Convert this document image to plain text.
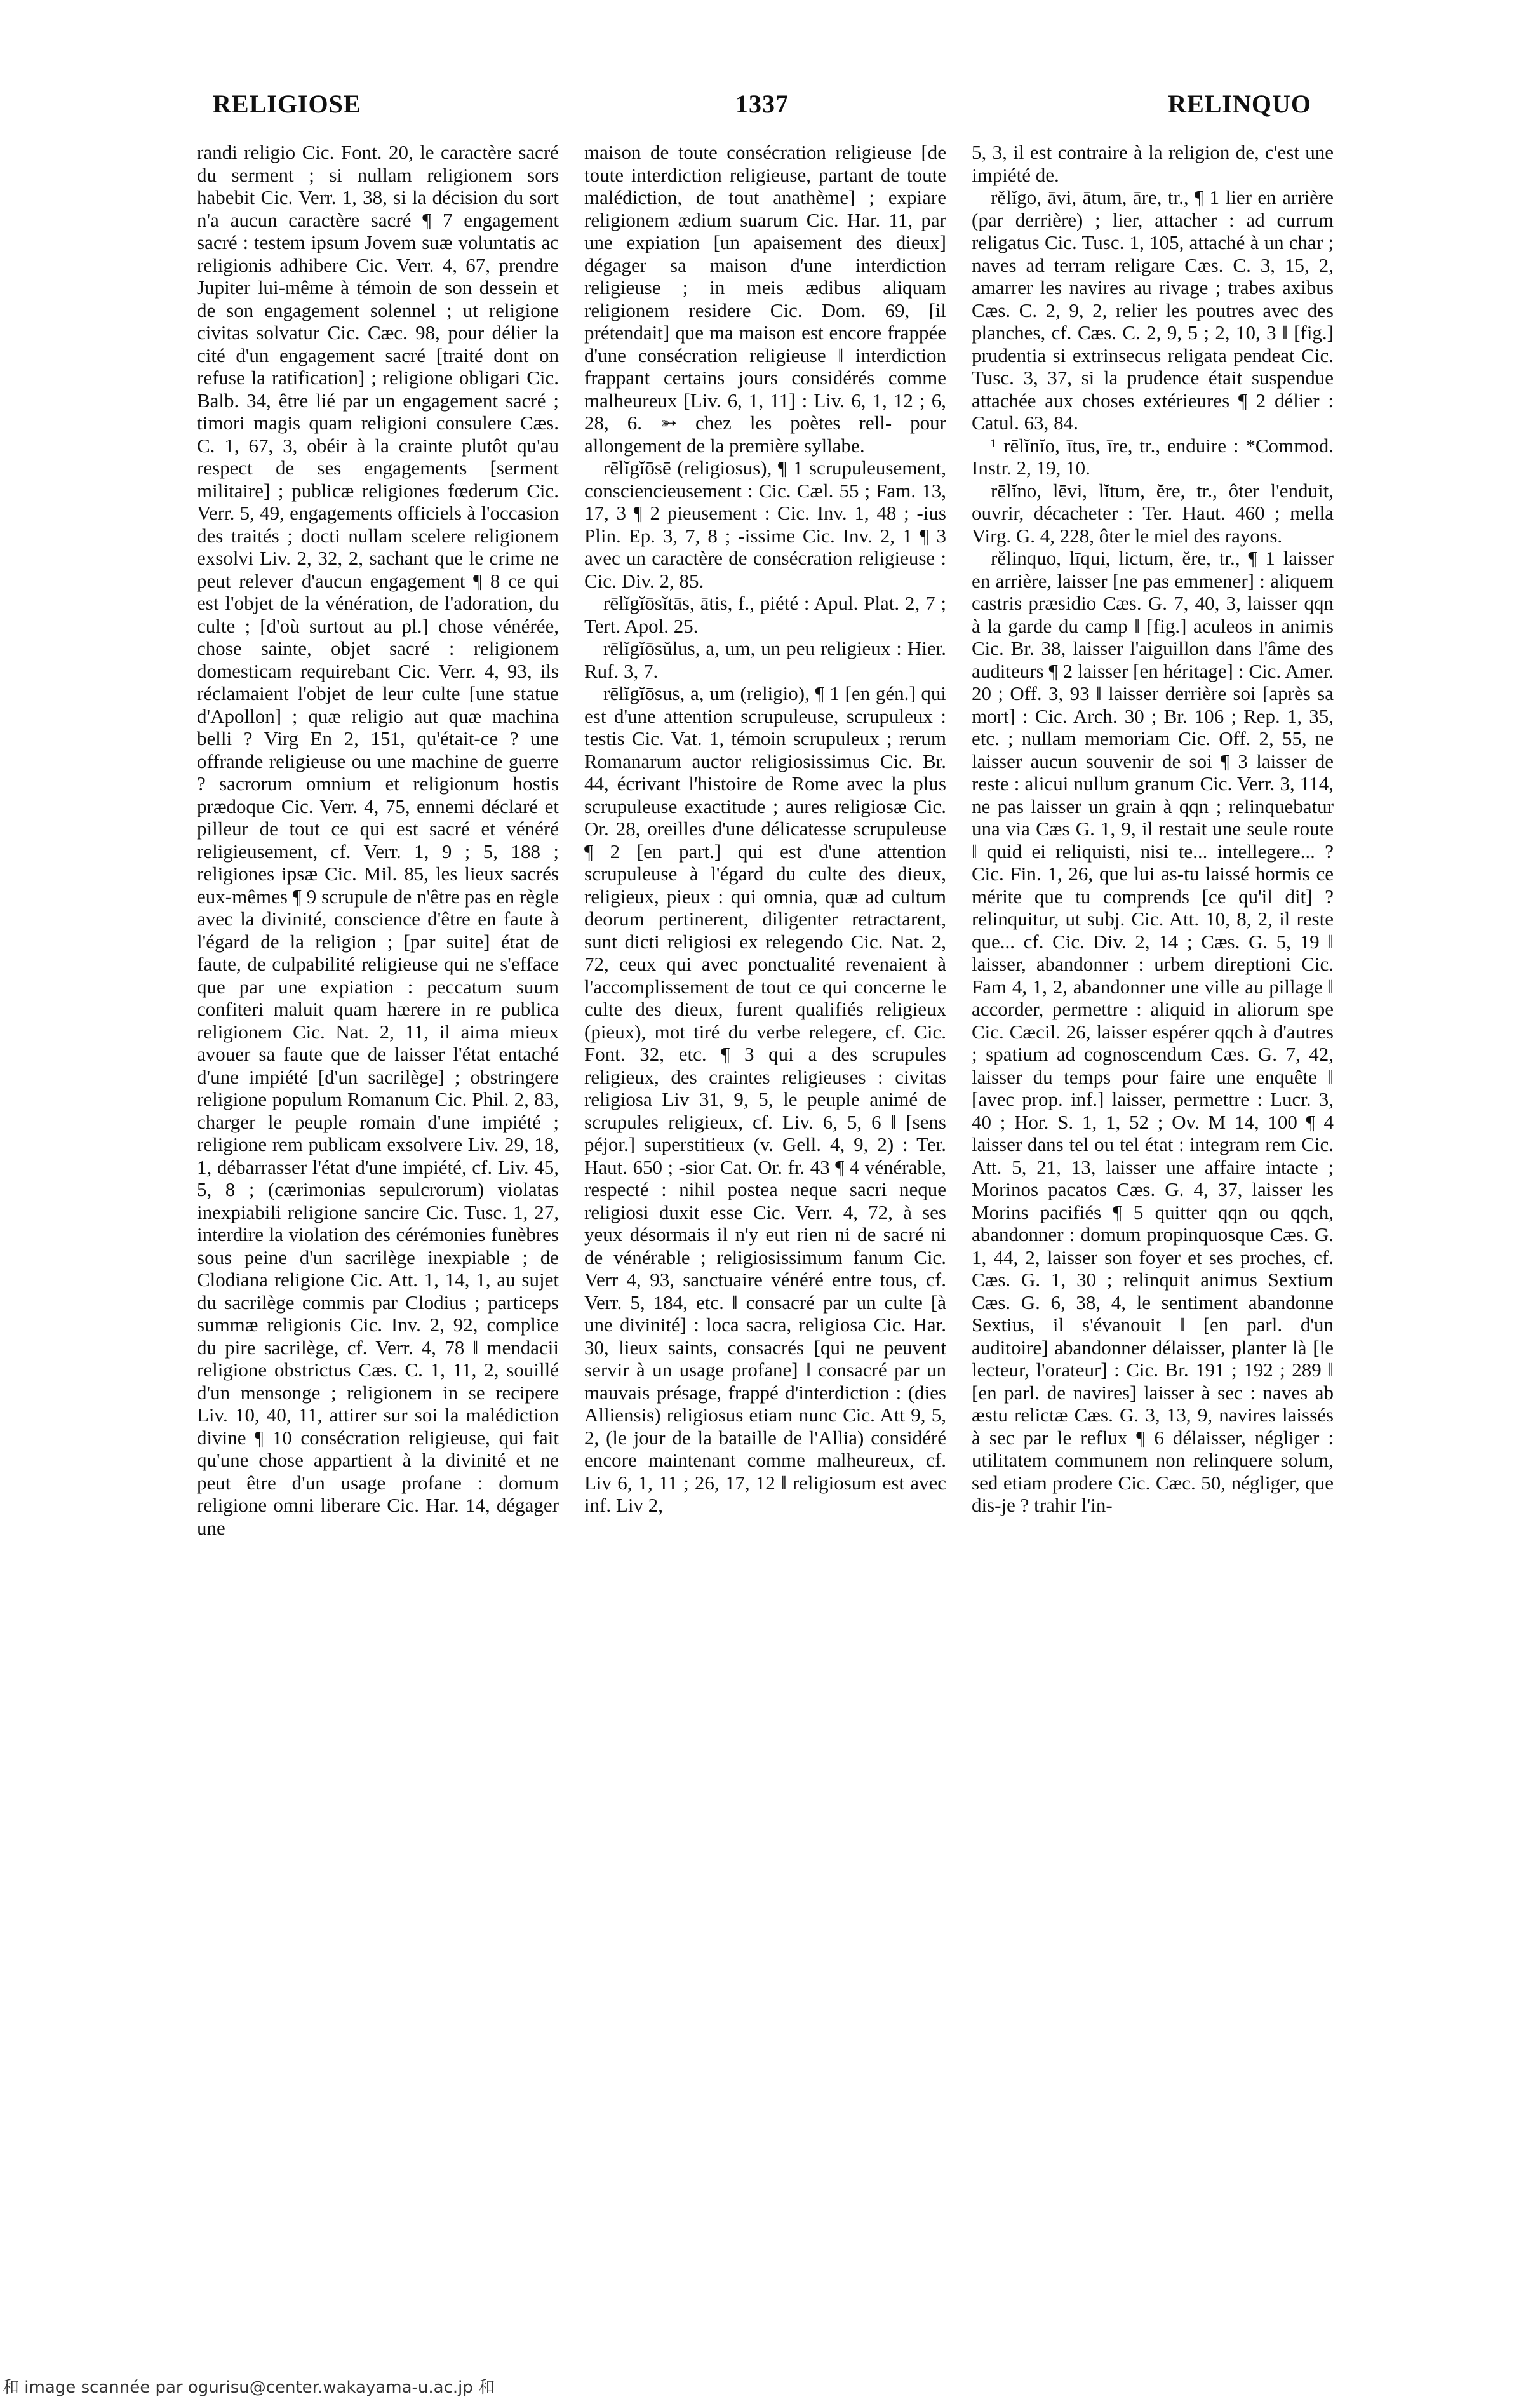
RELIGIOSE	1337	RELINQUO

randi religio Cic. Font. 20, le caractère sacré du serment ; si nullam religionem sors habebit Cic. Verr. 1, 38, si la décision du sort n'a aucun caractère sacré ¶ 7 engagement sacré : testem ipsum Jovem suæ voluntatis ac religionis adhibere Cic. Verr. 4, 67, prendre Jupiter lui-même à témoin de son dessein et de son engagement solennel ; ut religione civitas solvatur Cic. Cæc. 98, pour délier la cité d'un engagement sacré [traité dont on refuse la ratification] ; religione obligari Cic. Balb. 34, être lié par un engagement sacré ; timori magis quam religioni consulere Cæs. C. 1, 67, 3, obéir à la crainte plutôt qu'au respect de ses engagements [serment militaire] ; publicæ religiones fœderum Cic. Verr. 5, 49, engagements officiels à l'occasion des traités ; docti nullam scelere religionem exsolvi Liv. 2, 32, 2, sachant que le crime ne peut relever d'aucun engagement ¶ 8 ce qui est l'objet de la vénération, de l'adoration, du culte ; [d'où surtout au pl.] chose vénérée, chose sainte, objet sacré : religionem domesticam requirebant Cic. Verr. 4, 93, ils réclamaient l'objet de leur culte [une statue d'Apollon] ; quæ religio aut quæ machina belli ? Virg En 2, 151, qu'était-ce ? une offrande religieuse ou une machine de guerre ? sacrorum omnium et religionum hostis prædoque Cic. Verr. 4, 75, ennemi déclaré et pilleur de tout ce qui est sacré et vénéré religieusement, cf. Verr. 1, 9 ; 5, 188 ; religiones ipsæ Cic. Mil. 85, les lieux sacrés eux-mêmes ¶ 9 scrupule de n'être pas en règle avec la divinité, conscience d'être en faute à l'égard de la religion ; [par suite] état de faute, de culpabilité religieuse qui ne s'efface que par une expiation : peccatum suum confiteri maluit quam hærere in re publica religionem Cic. Nat. 2, 11, il aima mieux avouer sa faute que de laisser l'état entaché d'une impiété [d'un sacrilège] ; obstringere religione populum Romanum Cic. Phil. 2, 83, charger le peuple romain d'une impiété ; religione rem publicam exsolvere Liv. 29, 18, 1, débarrasser l'état d'une impiété, cf. Liv. 45, 5, 8 ; (cærimonias sepulcrorum) violatas inexpiabili religione sancire Cic. Tusc. 1, 27, interdire la violation des cérémonies funèbres sous peine d'un sacrilège inexpiable ; de Clodiana religione Cic. Att. 1, 14, 1, au sujet du sacrilège commis par Clodius ; particeps summæ religionis Cic. Inv. 2, 92, complice du pire sacrilège, cf. Verr. 4, 78 ‖ mendacii religione obstrictus Cæs. C. 1, 11, 2, souillé d'un mensonge ; religionem in se recipere Liv. 10, 40, 11, attirer sur soi la malédiction divine ¶ 10 consécration religieuse, qui fait qu'une chose appartient à la divinité et ne peut être d'un usage profane : domum religione omni liberare Cic. Har. 14, dégager une

maison de toute consécration religieuse [de toute interdiction religieuse, partant de toute malédiction, de tout anathème] ; expiare religionem ædium suarum Cic. Har. 11, par une expiation [un apaisement des dieux] dégager sa maison d'une interdiction religieuse ; in meis ædibus aliquam religionem residere Cic. Dom. 69, [il prétendait] que ma maison est encore frappée d'une consécration religieuse ‖ interdiction frappant certains jours considérés comme malheureux [Liv. 6, 1, 11] : Liv. 6, 1, 12 ; 6, 28, 6. ➳ chez les poètes rell- pour allongement de la première syllabe.

rēlĭgĭōsē (religiosus), ¶ 1 scrupuleusement, consciencieusement : Cic. Cæl. 55 ; Fam. 13, 17, 3 ¶ 2 pieusement : Cic. Inv. 1, 48 ; -ius Plin. Ep. 3, 7, 8 ; -issime Cic. Inv. 2, 1 ¶ 3 avec un caractère de consécration religieuse : Cic. Div. 2, 85.

rēlĭgĭōsĭtās, ātis, f., piété : Apul. Plat. 2, 7 ; Tert. Apol. 25.

rēlĭgĭōsŭlus, a, um, un peu religieux : Hier. Ruf. 3, 7.

rēlĭgĭōsus, a, um (religio), ¶ 1 [en gén.] qui est d'une attention scrupuleuse, scrupuleux : testis Cic. Vat. 1, témoin scrupuleux ; rerum Romanarum auctor religiosissimus Cic. Br. 44, écrivant l'histoire de Rome avec la plus scrupuleuse exactitude ; aures religiosæ Cic. Or. 28, oreilles d'une délicatesse scrupuleuse ¶ 2 [en part.] qui est d'une attention scrupuleuse à l'égard du culte des dieux, religieux, pieux : qui omnia, quæ ad cultum deorum pertinerent, diligenter retractarent, sunt dicti religiosi ex relegendo Cic. Nat. 2, 72, ceux qui avec ponctualité revenaient à l'accomplissement de tout ce qui concerne le culte des dieux, furent qualifiés religieux (pieux), mot tiré du verbe relegere, cf. Cic. Font. 32, etc. ¶ 3 qui a des scrupules religieux, des craintes religieuses : civitas religiosa Liv 31, 9, 5, le peuple animé de scrupules religieux, cf. Liv. 6, 5, 6 ‖ [sens péjor.] superstitieux (v. Gell. 4, 9, 2) : Ter. Haut. 650 ; -sior Cat. Or. fr. 43 ¶ 4 vénérable, respecté : nihil postea neque sacri neque religiosi duxit esse Cic. Verr. 4, 72, à ses yeux désormais il n'y eut rien ni de sacré ni de vénérable ; religiosissimum fanum Cic. Verr 4, 93, sanctuaire vénéré entre tous, cf. Verr. 5, 184, etc. ‖ consacré par un culte [à une divinité] : loca sacra, religiosa Cic. Har. 30, lieux saints, consacrés [qui ne peuvent servir à un usage profane] ‖ consacré par un mauvais présage, frappé d'interdiction : (dies Alliensis) religiosus etiam nunc Cic. Att 9, 5, 2, (le jour de la bataille de l'Allia) considéré encore maintenant comme malheureux, cf. Liv 6, 1, 11 ; 26, 17, 12 ‖ religiosum est avec inf. Liv 2,

5, 3, il est contraire à la religion de, c'est une impiété de.

rĕlĭgo, āvi, ātum, āre, tr., ¶ 1 lier en arrière (par derrière) ; lier, attacher : ad currum religatus Cic. Tusc. 1, 105, attaché à un char ; naves ad terram religare Cæs. C. 3, 15, 2, amarrer les navires au rivage ; trabes axibus Cæs. C. 2, 9, 2, relier les poutres avec des planches, cf. Cæs. C. 2, 9, 5 ; 2, 10, 3 ‖ [fig.] prudentia si extrinsecus religata pendeat Cic. Tusc. 3, 37, si la prudence était suspendue attachée aux choses extérieures ¶ 2 délier : Catul. 63, 84.

¹ rēlĭnĭo, ītus, īre, tr., enduire : *Commod. Instr. 2, 19, 10.

rēlĭno, lēvi, lĭtum, ĕre, tr., ôter l'enduit, ouvrir, décacheter : Ter. Haut. 460 ; mella Virg. G. 4, 228, ôter le miel des rayons.

rĕlinquo, līqui, lictum, ĕre, tr., ¶ 1 laisser en arrière, laisser [ne pas emmener] : aliquem castris præsidio Cæs. G. 7, 40, 3, laisser qqn à la garde du camp ‖ [fig.] aculeos in animis Cic. Br. 38, laisser l'aiguillon dans l'âme des auditeurs ¶ 2 laisser [en héritage] : Cic. Amer. 20 ; Off. 3, 93 ‖ laisser derrière soi [après sa mort] : Cic. Arch. 30 ; Br. 106 ; Rep. 1, 35, etc. ; nullam memoriam Cic. Off. 2, 55, ne laisser aucun souvenir de soi ¶ 3 laisser de reste : alicui nullum granum Cic. Verr. 3, 114, ne pas laisser un grain à qqn ; relinquebatur una via Cæs G. 1, 9, il restait une seule route ‖ quid ei reliquisti, nisi te... intellegere... ? Cic. Fin. 1, 26, que lui as-tu laissé hormis ce mérite que tu comprends [ce qu'il dit] ? relinquitur, ut subj. Cic. Att. 10, 8, 2, il reste que... cf. Cic. Div. 2, 14 ; Cæs. G. 5, 19 ‖ laisser, abandonner : urbem direptioni Cic. Fam 4, 1, 2, abandonner une ville au pillage ‖ accorder, permettre : aliquid in aliorum spe Cic. Cæcil. 26, laisser espérer qqch à d'autres ; spatium ad cognoscendum Cæs. G. 7, 42, laisser du temps pour faire une enquête ‖ [avec prop. inf.] laisser, permettre : Lucr. 3, 40 ; Hor. S. 1, 1, 52 ; Ov. M 14, 100 ¶ 4 laisser dans tel ou tel état : integram rem Cic. Att. 5, 21, 13, laisser une affaire intacte ; Morinos pacatos Cæs. G. 4, 37, laisser les Morins pacifiés ¶ 5 quitter qqn ou qqch, abandonner : domum propinquosque Cæs. G. 1, 44, 2, laisser son foyer et ses proches, cf. Cæs. G. 1, 30 ; relinquit animus Sextium Cæs. G. 6, 38, 4, le sentiment abandonne Sextius, il s'évanouit ‖ [en parl. d'un auditoire] abandonner délaisser, planter là [le lecteur, l'orateur] : Cic. Br. 191 ; 192 ; 289 ‖ [en parl. de navires] laisser à sec : naves ab æstu relictæ Cæs. G. 3, 13, 9, navires laissés à sec par le reflux ¶ 6 délaisser, négliger : utilitatem communem non relinquere solum, sed etiam prodere Cic. Cæc. 50, négliger, que dis-je ? trahir l'in-

和 image scannée par ogurisu@center.wakayama-u.ac.jp 和
